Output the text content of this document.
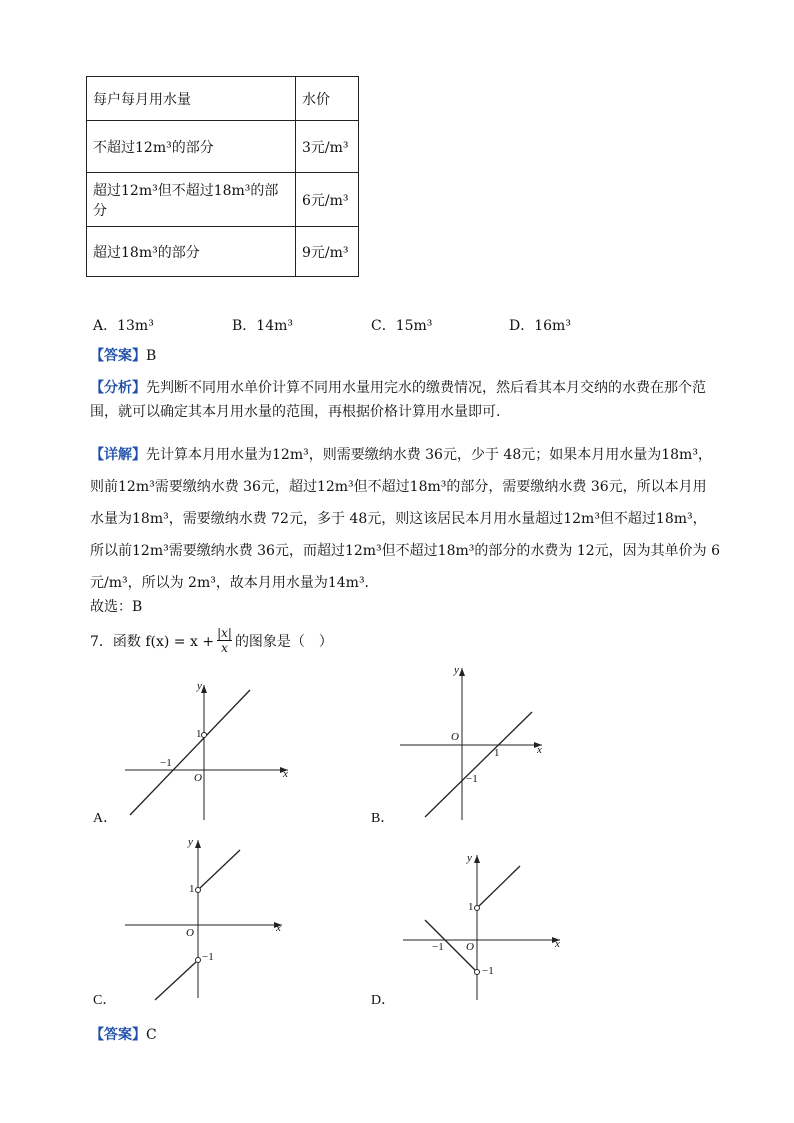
每户每月用水量	水价
不超过12m³的部分	3元/m³
超过12m³但不超过18m³的部分	6元/m³
超过18m³的部分	9元/m³
A．13m³	B．14m³	C．15m³	D．16m³
【答案】B
【分析】先判断不同用水单价计算不同用水量用完水的缴费情况，然后看其本月交纳的水费在那个范围，就可以确定其本月用水量的范围，再根据价格计算用水量即可.
【详解】先计算本月用水量为12m³，则需要缴纳水费 36元，少于 48元；如果本月用水量为18m³，
则前12m³需要缴纳水费 36元，超过12m³但不超过18m³的部分，需要缴纳水费 36元，所以本月用
水量为18m³，需要缴纳水费 72元，多于 48元，则这该居民本月用水量超过12m³但不超过18m³，
所以前12m³需要缴纳水费 36元，而超过12m³但不超过18m³的部分的水费为 12元，因为其单价为 6
元/m³，所以为 2m³，故本月用水量为14m³.
故选：B
7．函数 $f(x) = x + \frac{|x|}{x}$ 的图象是（　）
y
x
O
1
−1
A．
y
x
O
1
−1
B．
y
x
O
1
−1
C．
y
x
O
1
−1
−1
D．
【答案】C
